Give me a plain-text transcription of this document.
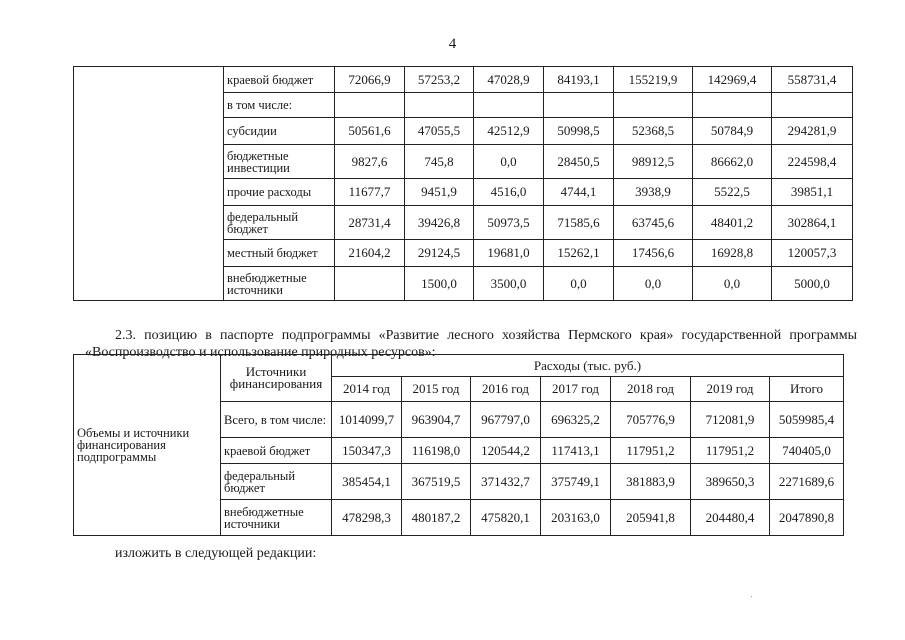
4
	краевой бюджет	72066,9	57253,2	47028,9	84193,1	155219,9	142969,4	558731,4
	в том числе:							
	субсидии	50561,6	47055,5	42512,9	50998,5	52368,5	50784,9	294281,9
	бюджетные инвестиции	9827,6	745,8	0,0	28450,5	98912,5	86662,0	224598,4
	прочие расходы	11677,7	9451,9	4516,0	4744,1	3938,9	5522,5	39851,1
	федеральный бюджет	28731,4	39426,8	50973,5	71585,6	63745,6	48401,2	302864,1
	местный бюджет	21604,2	29124,5	19681,0	15262,1	17456,6	16928,8	120057,3
	внебюджетные источники		1500,0	3500,0	0,0	0,0	0,0	5000,0

2.3. позицию в паспорте подпрограммы «Развитие лесного хозяйства Пермского края» государственной программы «Воспроизводство и использование природных ресурсов»:

Объемы и источники финансирования подпрограммы	Источники финансирования	Расходы (тыс. руб.)						
		2014 год	2015 год	2016 год	2017 год	2018 год	2019 год	Итого
	Всего, в том числе:	1014099,7	963904,7	967797,0	696325,2	705776,9	712081,9	5059985,4
	краевой бюджет	150347,3	116198,0	120544,2	117413,1	117951,2	117951,2	740405,0
	федеральный бюджет	385454,1	367519,5	371432,7	375749,1	381883,9	389650,3	2271689,6
	внебюджетные источники	478298,3	480187,2	475820,1	203163,0	205941,8	204480,4	2047890,8
изложить в следующей редакции:
